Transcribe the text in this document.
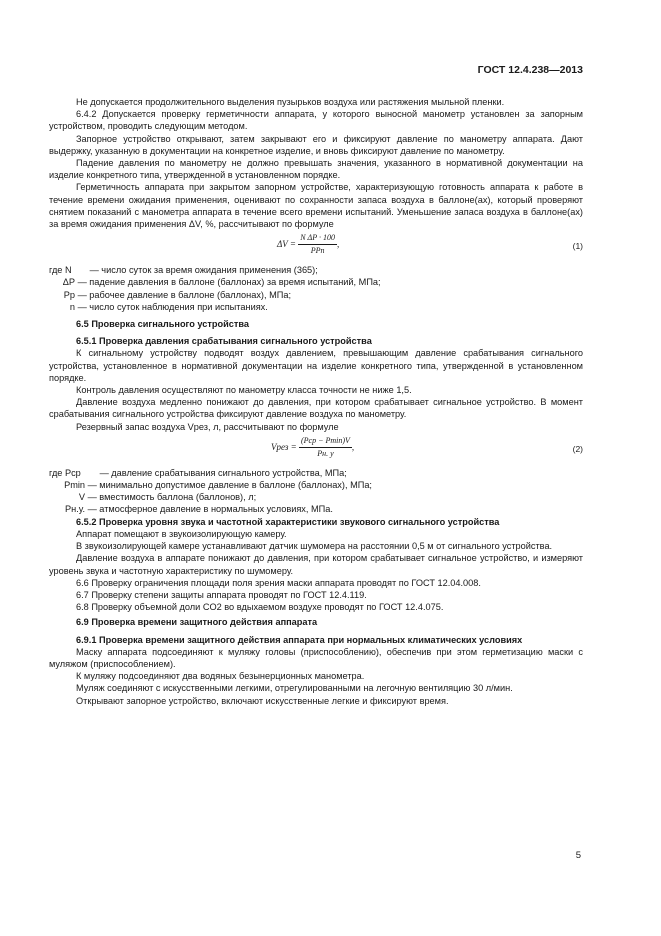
ГОСТ 12.4.238—2013

Не допускается продолжительного выделения пузырьков воздуха или растяжения мыльной пленки.

6.4.2 Допускается проверку герметичности аппарата, у которого выносной манометр установлен за запорным устройством, проводить следующим методом.

Запорное устройство открывают, затем закрывают его и фиксируют давление по манометру аппарата. Дают выдержку, указанную в документации на конкретное изделие, и вновь фиксируют давление по манометру.

Падение давления по манометру не должно превышать значения, указанного в нормативной документации на изделие конкретного типа, утвержденной в установленном порядке.

Герметичность аппарата при закрытом запорном устройстве, характеризующую готовность аппарата к работе в течение времени ожидания применения, оценивают по сохранности запаса воздуха в баллоне(ах), который проверяют снятием показаний с манометра аппарата в течение всего времени испытаний. Уменьшение запаса воздуха в баллоне(ах) за время ожидания применения ΔV, %, рассчитывают по формуле

$\Delta V = \frac{\text{N ΔP · 100}}{\text{PPn}}$ ,	(1)
где N — число суток за время ожидания применения (365);
ΔP — падение давления в баллоне (баллонах) за время испытаний, МПа;
Pp — рабочее давление в баллоне (баллонах), МПа;
n — число суток наблюдения при испытаниях.

6.5 Проверка сигнального устройства

6.5.1 Проверка давления срабатывания сигнального устройства

К сигнальному устройству подводят воздух давлением, превышающим давление срабатывания сигнального устройства, установленное в нормативной документации на изделие конкретного типа, утвержденной в установленном порядке.

Контроль давления осуществляют по манометру класса точности не ниже 1,5.

Давление воздуха медленно понижают до давления, при котором срабатывает сигнальное устройство. В момент срабатывания сигнального устройства фиксируют давление воздуха по манометру.

Резервный запас воздуха Vрез, л, рассчитывают по формуле

Vрез = $\frac{\text{(Pср − Pmin)V}}{Pн. у}$ ,	(2)
где Pср — давление срабатывания сигнального устройства, МПа;
Pmin — минимально допустимое давление в баллоне (баллонах), МПа;
V — вместимость баллона (баллонов), л;
Pн.у. — атмосферное давление в нормальных условиях, МПа.

6.5.2 Проверка уровня звука и частотной характеристики звукового сигнального устройства

Аппарат помещают в звукоизолирующую камеру.

В звукоизолирующей камере устанавливают датчик шумомера на расстоянии 0,5 м от сигнального устройства.

Давление воздуха в аппарате понижают до давления, при котором срабатывает сигнальное устройство, и измеряют уровень звука и частотную характеристику по шумомеру.

6.6 Проверку ограничения площади поля зрения маски аппарата проводят по ГОСТ 12.04.008.

6.7 Проверку степени защиты аппарата проводят по ГОСТ 12.4.119.

6.8 Проверку объемной доли CO2 во вдыхаемом воздухе проводят по ГОСТ 12.4.075.

6.9 Проверка времени защитного действия аппарата

6.9.1 Проверка времени защитного действия аппарата при нормальных климатических условиях

Маску аппарата подсоединяют к муляжу головы (приспособлению), обеспечив при этом герметизацию маски с муляжом (приспособлением).

К муляжу подсоединяют два водяных безынерционных манометра.

Муляж соединяют с искусственными легкими, отрегулированными на легочную вентиляцию 30 л/мин.

Открывают запорное устройство, включают искусственные легкие и фиксируют время.

5
